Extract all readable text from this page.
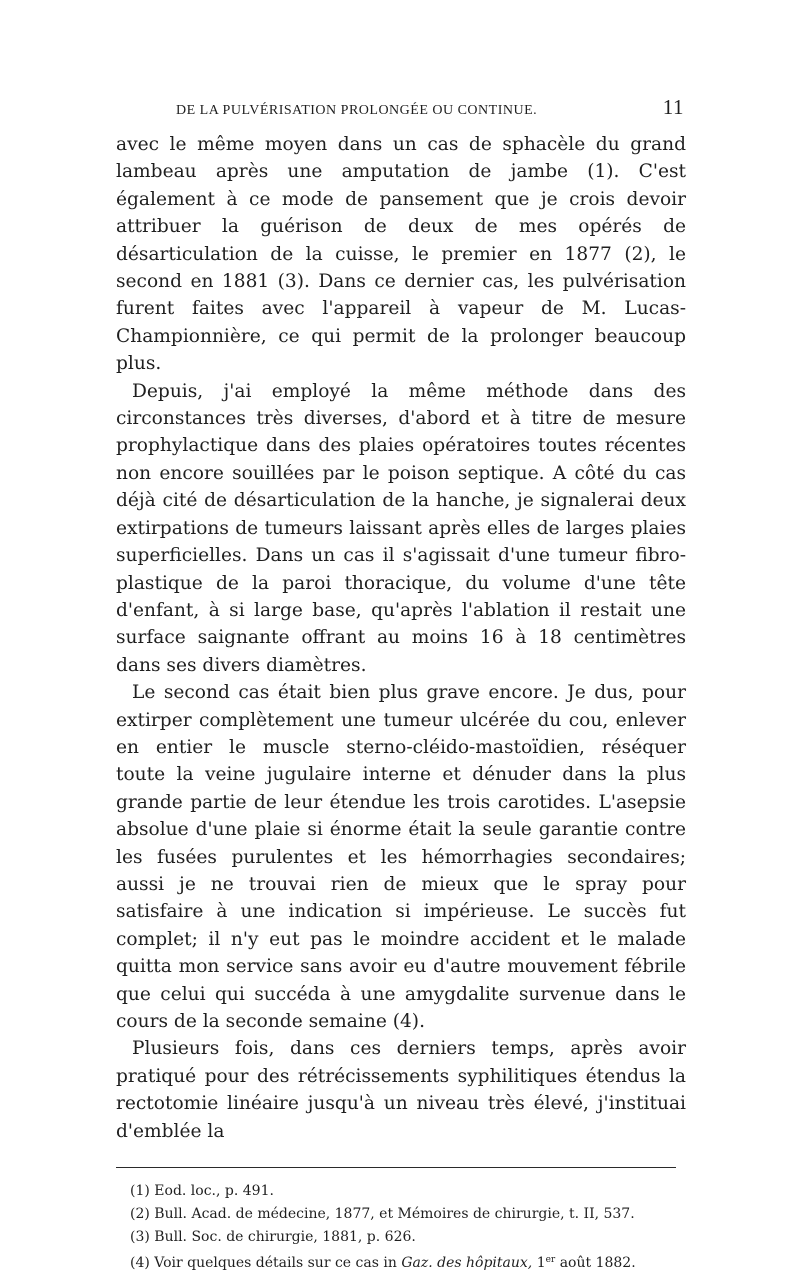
DE LA PULVÉRISATION PROLONGÉE OU CONTINUE.	11

avec le même moyen dans un cas de sphacèle du grand lambeau après une amputation de jambe (1). C'est également à ce mode de pansement que je crois devoir attribuer la guérison de deux de mes opérés de désarticulation de la cuisse, le premier en 1877 (2), le second en 1881 (3). Dans ce dernier cas, les pulvérisation furent faites avec l'appareil à vapeur de M. Lucas-Championnière, ce qui permit de la prolonger beaucoup plus.

Depuis, j'ai employé la même méthode dans des circonstances très diverses, d'abord et à titre de mesure prophylactique dans des plaies opératoires toutes récentes non encore souillées par le poison septique. A côté du cas déjà cité de désarticulation de la hanche, je signalerai deux extirpations de tumeurs laissant après elles de larges plaies superficielles. Dans un cas il s'agissait d'une tumeur fibro-plastique de la paroi thoracique, du volume d'une tête d'enfant, à si large base, qu'après l'ablation il restait une surface saignante offrant au moins 16 à 18 centimètres dans ses divers diamètres.

Le second cas était bien plus grave encore. Je dus, pour extirper complètement une tumeur ulcérée du cou, enlever en entier le muscle sterno-cléido-mastoïdien, réséquer toute la veine jugulaire interne et dénuder dans la plus grande partie de leur étendue les trois carotides. L'asepsie absolue d'une plaie si énorme était la seule garantie contre les fusées purulentes et les hémorrhagies secondaires; aussi je ne trouvai rien de mieux que le spray pour satisfaire à une indication si impérieuse. Le succès fut complet; il n'y eut pas le moindre accident et le malade quitta mon service sans avoir eu d'autre mouvement fébrile que celui qui succéda à une amygdalite survenue dans le cours de la seconde semaine (4).

Plusieurs fois, dans ces derniers temps, après avoir pratiqué pour des rétrécissements syphilitiques étendus la rectotomie linéaire jusqu'à un niveau très élevé, j'instituai d'emblée la

(1) Eod. loc., p. 491.
(2) Bull. Acad. de médecine, 1877, et Mémoires de chirurgie, t. II, 537.
(3) Bull. Soc. de chirurgie, 1881, p. 626.
(4) Voir quelques détails sur ce cas in Gaz. des hôpitaux, 1er août 1882.
